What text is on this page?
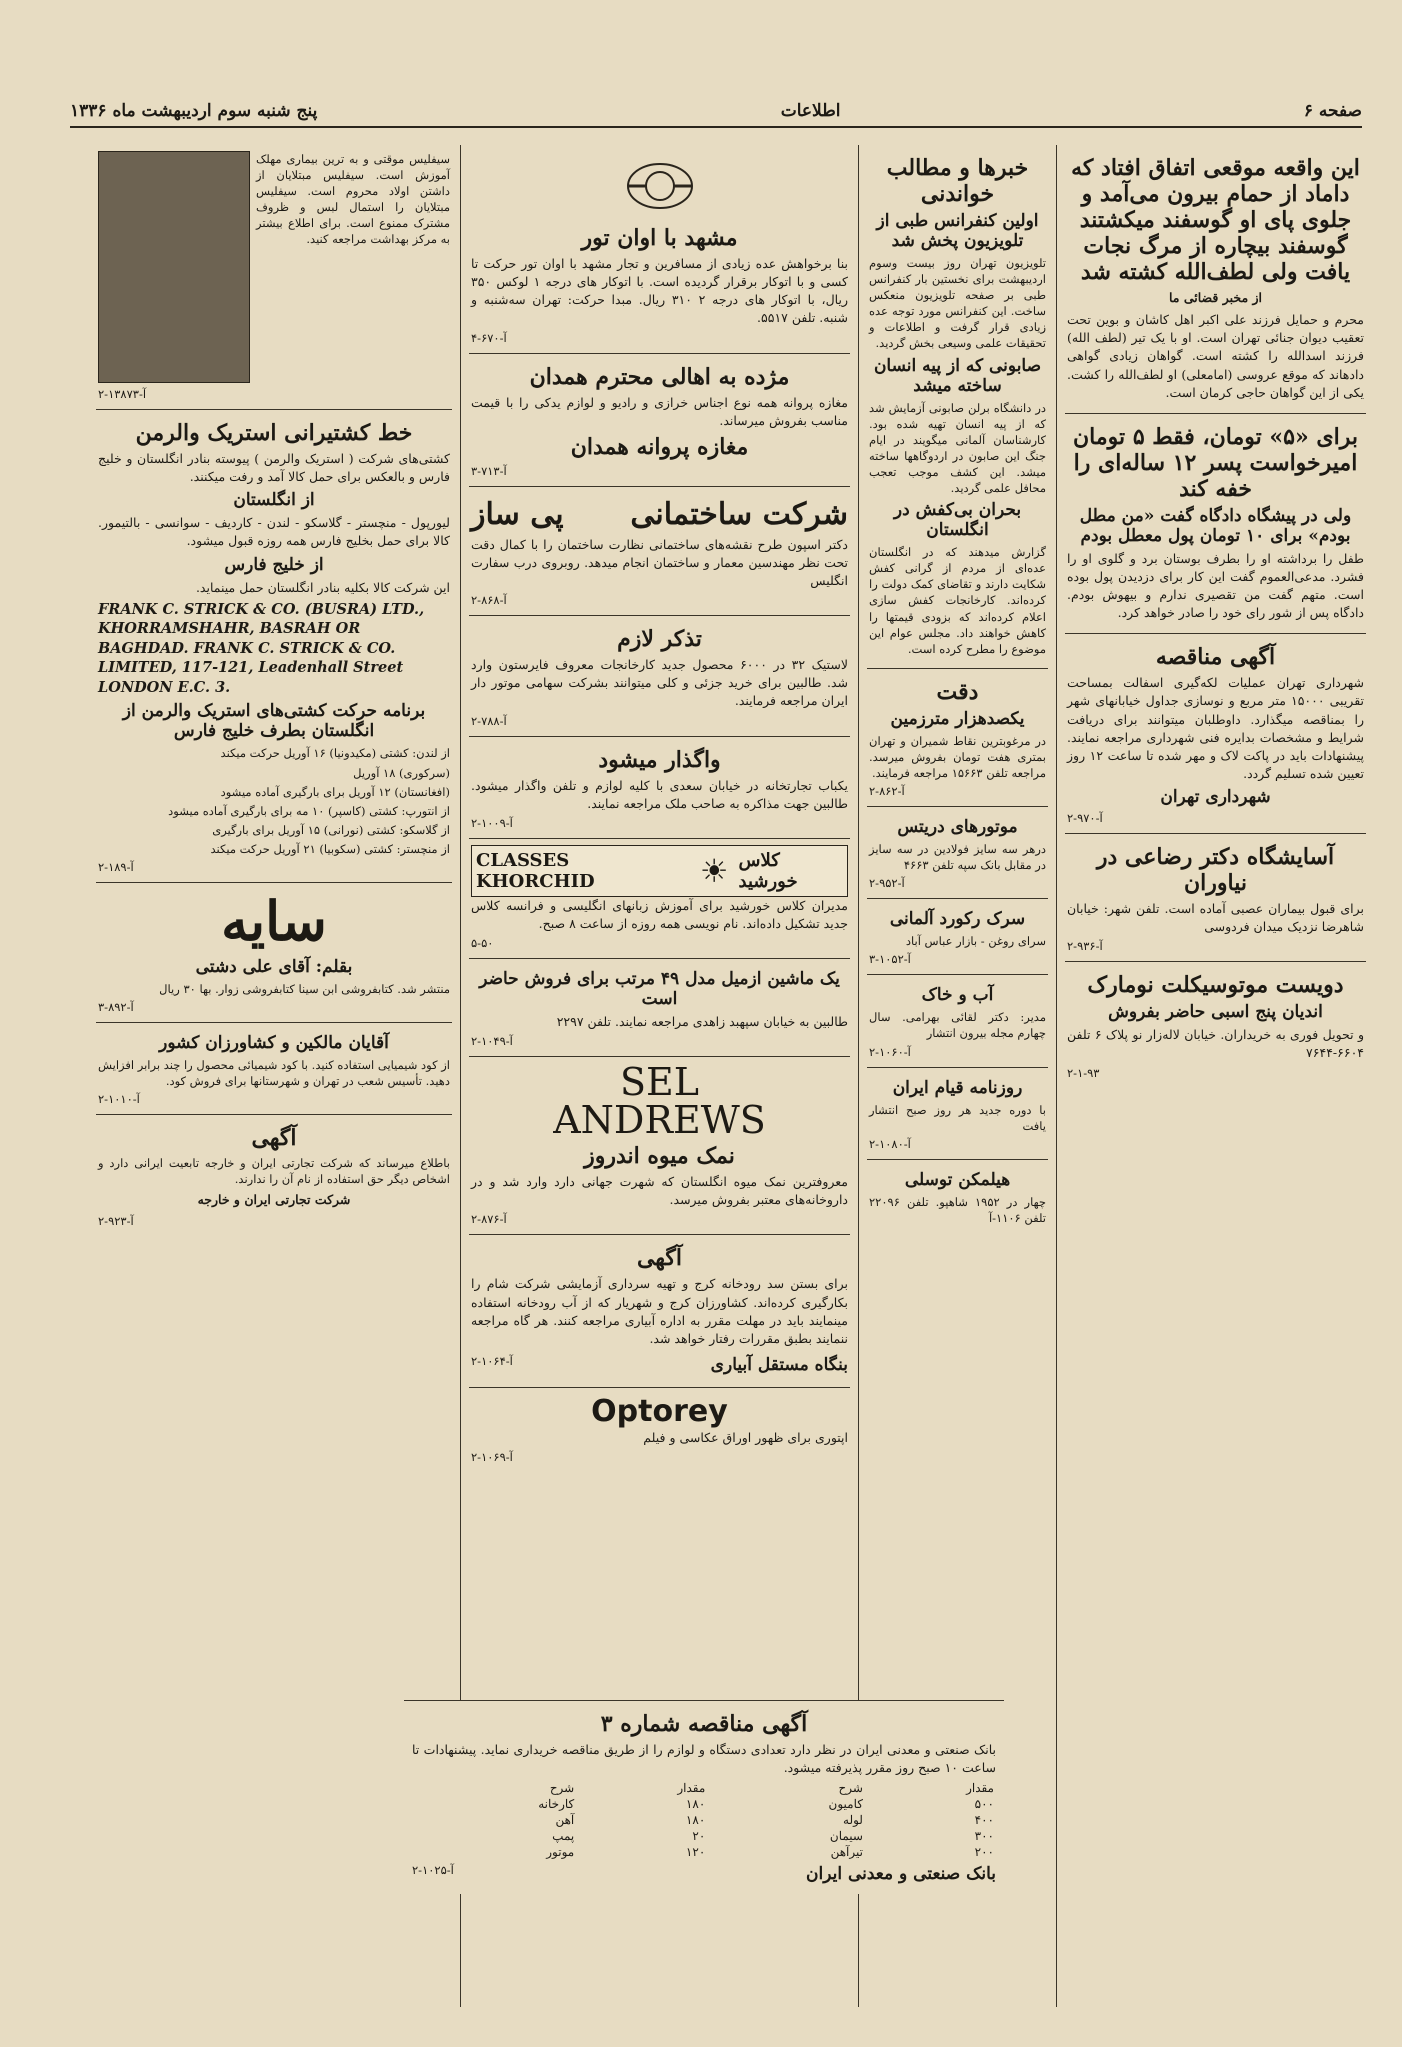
صفحه ۶
اطلاعات
پنج شنبه سوم اردیبهشت ماه ۱۳۳۶
این واقعه موقعی اتفاق افتاد که داماد از حمام بیرون می‌آمد و جلوی پای او گوسفند میکشتند گوسفند بیچاره از مرگ نجات یافت ولی لطف‌الله کشته شد
از مخبر قضائی ما

محرم و حمایل فرزند علی اکبر اهل کاشان و بوین تحت تعقیب دیوان جنائی تهران است. او با یک تیر (لطف الله) فرزند اسدالله را کشته است. گواهان زیادی گواهی دادهاند که موقع عروسی (امامعلی) او لطف‌الله را کشت. یکی از این گواهان حاجی کرمان است.

برای «۵» تومان، فقط ۵ تومان امیرخواست پسر ۱۲ ساله‌ای را خفه کند
ولی در پیشگاه دادگاه گفت «من مطل بودم» برای ۱۰ تومان پول معطل بودم

طفل را برداشته او را بطرف بوستان برد و گلوی او را فشرد. مدعی‌العموم گفت این کار برای دزدیدن پول بوده است. متهم گفت من تقصیری ندارم و بیهوش بودم. دادگاه پس از شور رای خود را صادر خواهد کرد.

آگهی مناقصه

شهرداری تهران عملیات لکه‌گیری اسفالت بمساحت تقریبی ۱۵۰۰۰ متر مربع و نوسازی جداول خیابانهای شهر را بمناقصه میگذارد. داوطلبان میتوانند برای دریافت شرایط و مشخصات بدایره فنی شهرداری مراجعه نمایند. پیشنهادات باید در پاکت لاک و مهر شده تا ساعت ۱۲ روز تعیین شده تسلیم گردد.

شهرداری تهران
۲-۹۷۰-آ
آسایشگاه دکتر رضاعی در نیاوران

برای قبول بیماران عصبی آماده است. تلفن شهر: خیابان شاهرضا نزدیک میدان فردوسی

۲-۹۳۶-آ
دویست موتوسیکلت نومارک
اندیان پنج اسبی حاضر بفروش

و تحویل فوری به خریداران. خیابان لاله‌زار نو پلاک ۶ تلفن ۶۶۰۴-۷۶۴۴

۲-۱-۹۳
خبرها و مطالب خواندنی
اولین کنفرانس طبی از تلویزیون پخش شد

تلویزیون تهران روز بیست وسوم اردیبهشت برای نخستین بار کنفرانس طبی بر صفحه تلویزیون منعکس ساخت. این کنفرانس مورد توجه عده زیادی قرار گرفت و اطلاعات و تحقیقات علمی وسیعی بخش گردید.

صابونی که از پیه انسان ساخته میشد

در دانشگاه برلن صابونی آزمایش شد که از پیه انسان تهیه شده بود. کارشناسان آلمانی میگویند در ایام جنگ این صابون در اردوگاهها ساخته میشد. این کشف موجب تعجب محافل علمی گردید.

بحران بی‌کفش در انگلستان

گزارش میدهند که در انگلستان عده‌ای از مردم از گرانی کفش شکایت دارند و تقاضای کمک دولت را کرده‌اند. کارخانجات کفش سازی اعلام کرده‌اند که بزودی قیمتها را کاهش خواهند داد. مجلس عوام این موضوع را مطرح کرده است.

دقت
یکصدهزار مترزمین

در مرغوبترین نقاط شمیران و تهران بمتری هفت تومان بفروش میرسد. مراجعه تلفن ۱۵۶۶۳ مراجعه فرمایند.

۲-۸۶۲-آ
موتورهای دریتس

درهر سه سایز فولادین در سه سایز در مقابل بانک سپه تلفن ۴۶۶۳

۲-۹۵۲-آ
سرک رکورد آلمانی

سرای روغن - بازار عباس آباد

۳-۱۰۵۲-آ
آب و خاک

مدیر: دکتر لقائی بهرامی. سال چهارم مجله بیرون انتشار

۲-۱۰۶۰-آ
روزنامه قیام ایران

با دوره جدید هر روز صبح انتشار یافت

۲-۱۰۸۰-آ
هیلمکن توسلی

چهار در ۱۹۵۲ شاهپو. تلفن ۲۲۰۹۶ تلفن ۱۱۰۶-آ

مشهد با اوان تور

بنا برخواهش عده زیادی از مسافرین و تجار مشهد با اوان تور حرکت تا کسی و با اتوکار برقرار گردیده است. با اتوکار های درجه ۱ لوکس ۳۵۰ ریال، با اتوکار های درجه ۲ ۳۱۰ ریال. مبدا حرکت: تهران سه‌شنبه و شنبه. تلفن ۵۵۱۷.

۴-۶۷۰-آ
مژده به اهالی محترم همدان

مغازه پروانه همه نوع اجناس خرازی و رادیو و لوازم یدکی را با قیمت مناسب بفروش میرساند.

مغازه پروانه همدان
۳-۷۱۳-آ
شرکت ساختمانی
پی ساز

دکتر اسپون طرح نقشه‌های ساختمانی نظارت ساختمان را با کمال دقت تحت نظر مهندسین معمار و ساختمان انجام میدهد. روبروی درب سفارت انگلیس

۲-۸۶۸-آ
تذکر لازم

لاستیک ۳۲ در ۶۰۰۰ محصول جدید کارخانجات معروف فایرستون وارد شد. طالبین برای خرید جزئی و کلی میتوانند بشرکت سهامی موتور دار ایران مراجعه فرمایند.

۲-۷۸۸-آ
واگذار میشود

یکباب تجارتخانه در خیابان سعدی با کلیه لوازم و تلفن واگذار میشود. طالبین جهت مذاکره به صاحب ملک مراجعه نمایند.

۲-۱۰۰۹-آ
CLASSES KHORCHID	☀ کلاس خورشید

مدیران کلاس خورشید برای آموزش زبانهای انگلیسی و فرانسه کلاس جدید تشکیل داده‌اند. نام نویسی همه روزه از ساعت ۸ صبح.

۵-۵۰
یک ماشین ازمیل مدل ۴۹ مرتب برای فروش حاضر است

طالبین به خیابان سپهبد زاهدی مراجعه نمایند. تلفن ۲۲۹۷

۲-۱۰۴۹-آ
SEL
ANDREWS
نمک میوه اندروز

معروفترین نمک میوه انگلستان که شهرت جهانی دارد وارد شد و در داروخانه‌های معتبر بفروش میرسد.

۲-۸۷۶-آ
آگهی

برای بستن سد رودخانه کرج و تهیه سرداری آزمایشی شرکت شام را بکارگیری کرده‌اند. کشاورزان کرج و شهریار که از آب رودخانه استفاده مینمایند باید در مهلت مقرر به اداره آبیاری مراجعه کنند. هر گاه مراجعه ننمایند بطبق مقررات رفتار خواهد شد.

بنگاه مستقل آبیاری
۲-۱۰۶۴-آ
Optorey

اپتوری برای ظهور اوراق عکاسی و فیلم

۲-۱۰۶۹-آ

سیفلیس موقتی و به ترین بیماری مهلک آموزش است. سیفلیس مبتلایان از داشتن اولاد محروم است. سیفلیس مبتلایان را استمال لبس و ظروف مشترک ممنوع است. برای اطلاع بیشتر به مرکز بهداشت مراجعه کنید.

۲-۱۳۸۷۳-آ
خط کشتیرانی استریک والرمن

کشتی‌های شرکت ( استریک والرمن ) پیوسته بنادر انگلستان و خلیج فارس و بالعکس برای حمل کالا آمد و رفت میکنند.

از انگلستان

لیورپول - منچستر - گلاسکو - لندن - کاردیف - سوانسی - بالتیمور. کالا برای حمل بخلیج فارس همه روزه قبول میشود.

از خلیج فارس

این شرکت کالا بکلیه بنادر انگلستان حمل مینماید.

FRANK C. STRICK & CO. (BUSRA) LTD., KHORRAMSHAHR, BASRAH OR BAGHDAD. FRANK C. STRICK & CO. LIMITED, 117-121, Leadenhall Street LONDON E.C. 3.
برنامه حرکت کشتی‌های استریک والرمن از انگلستان بطرف خلیج فارس

از لندن: کشتی (مکیدونیا) ۱۶ آوریل حرکت میکند

(سرکوری) ۱۸ آوریل

(افغانستان) ۱۲ آوریل برای بارگیری آماده میشود

از انتورپ: کشتی (کاسپر) ۱۰ مه برای بارگیری آماده میشود

از گلاسکو: کشتی (نورانی) ۱۵ آوریل برای بارگیری

از منچستر: کشتی (سکوبیا) ۲۱ آوریل حرکت میکند

۲-۱۸۹-آ
سایه
بقلم: آقای علی دشتی

منتشر شد. کتابفروشی ابن سینا کتابفروشی زوار. بها ۳۰ ریال

۳-۸۹۲-آ
آقایان مالکین و کشاورزان کشور

از کود شیمیایی استفاده کنید. با کود شیمیائی محصول را چند برابر افزایش دهید. تأسیس شعب در تهران و شهرستانها برای فروش کود.

۲-۱۰۱۰-آ
آگهی

باطلاع میرساند که شرکت تجارتی ایران و خارجه تابعیت ایرانی دارد و اشخاص دیگر حق استفاده از نام آن را ندارند.

شرکت تجارتی ایران و خارجه
۲-۹۲۳-آ
آگهی مناقصه شماره ۳

بانک صنعتی و معدنی ایران در نظر دارد تعدادی دستگاه و لوازم را از طریق مناقصه خریداری نماید. پیشنهادات تا ساعت ۱۰ صبح روز مقرر پذیرفته میشود.

مقدار	شرح	مقدار	شرح
۵۰۰	کامیون	۱۸۰	کارخانه
۴۰۰	لوله	۱۸۰	آهن
۳۰۰	سیمان	۲۰	پمپ
۲۰۰	تیرآهن	۱۲۰	موتور
بانک صنعتی و معدنی ایران
۲-۱۰۲۵-آ
